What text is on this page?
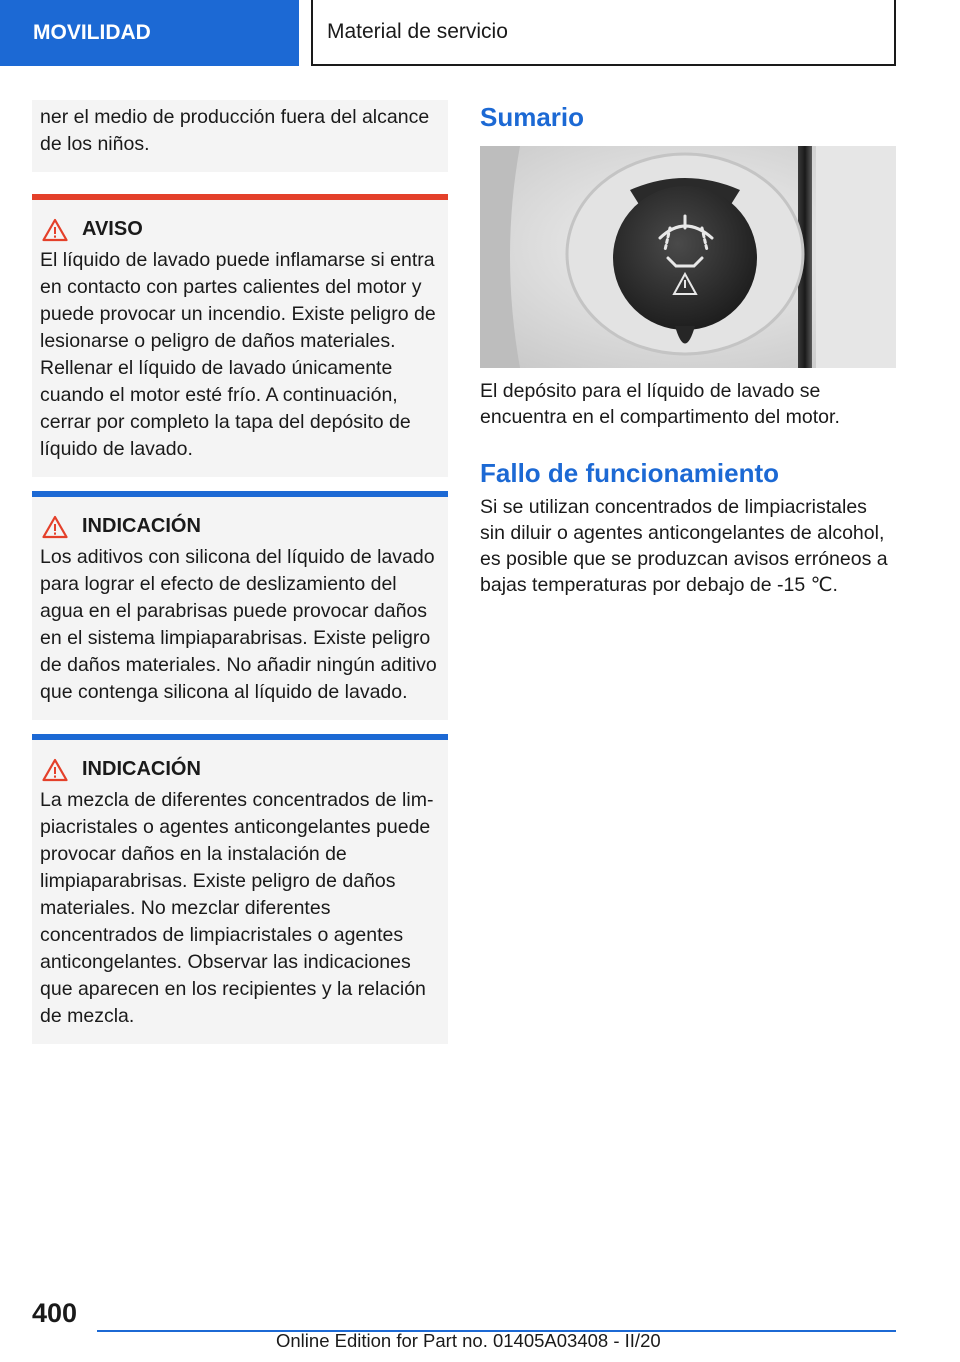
MOVILIDAD	Material de servicio
ner el medio de producción fuera del alcance de los niños.
AVISO
El líquido de lavado puede inflamarse si entra en contacto con partes calientes del motor y puede provocar un incendio. Existe peligro de lesionarse o peligro de daños materiales. Rellenar el líquido de lavado únicamente cuando el motor esté frío. A continuación, cerrar por completo la tapa del depósito de líquido de lavado.
INDICACIÓN
Los aditivos con silicona del líquido de lavado para lograr el efecto de deslizamiento del agua en el parabrisas puede provocar daños en el sistema limpiaparabrisas. Existe peligro de daños materiales. No añadir ningún aditivo que contenga silicona al líquido de lavado.
INDICACIÓN
La mezcla de diferentes concentrados de limpiacristales o agentes anticongelantes puede provocar daños en la instalación de limpiaparabrisas. Existe peligro de daños materiales. No mezclar diferentes concentrados de limpiacristales o agentes anticongelantes. Observar las indicaciones que aparecen en los recipientes y la relación de mezcla.
Sumario

El depósito para el líquido de lavado se encuentra en el compartimento del motor.

Fallo de funcionamiento

Si se utilizan concentrados de limpiacristales sin diluir o agentes anticongelantes de alcohol, es posible que se produzcan avisos erróneos a bajas temperaturas por debajo de -15 ℃.

400
Online Edition for Part no. 01405A03408 - II/20
